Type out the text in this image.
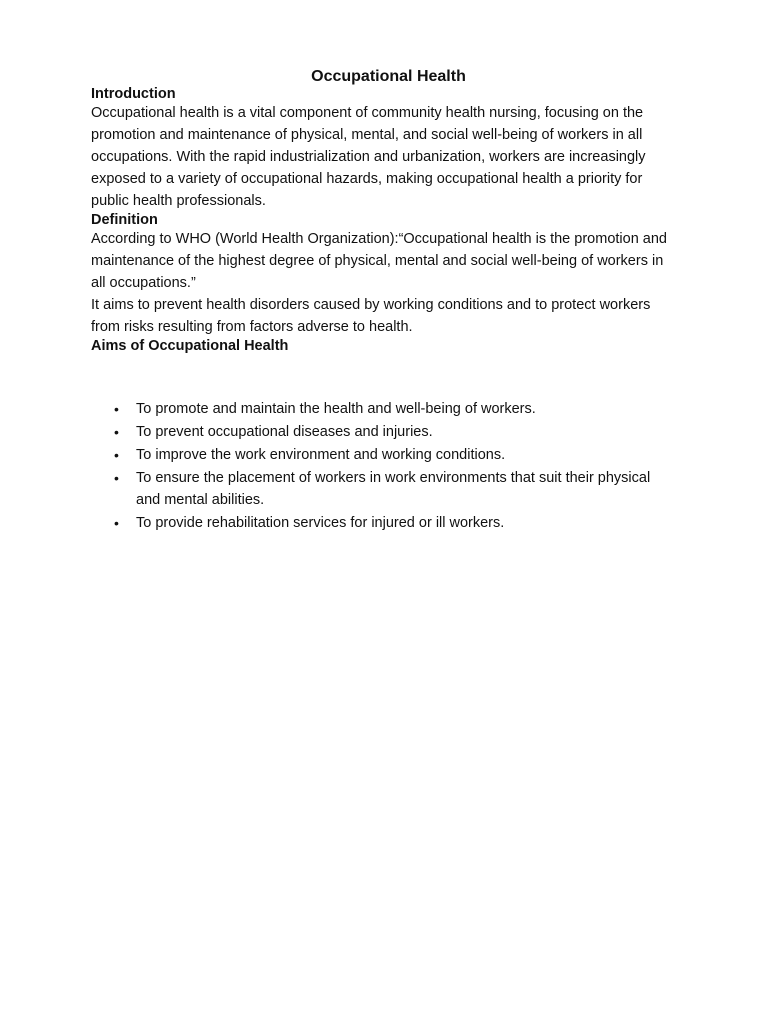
Occupational Health
Introduction

Occupational health is a vital component of community health nursing, focusing on the promotion and maintenance of physical, mental, and social well-being of workers in all occupations. With the rapid industrialization and urbanization, workers are increasingly exposed to a variety of occupational hazards, making occupational health a priority for public health professionals.

Definition

According to WHO (World Health Organization):“Occupational health is the promotion and maintenance of the highest degree of physical, mental and social well-being of workers in all occupations.”

It aims to prevent health disorders caused by working conditions and to protect workers from risks resulting from factors adverse to health.

Aims of Occupational Health
• To promote and maintain the health and well-being of workers.
• To prevent occupational diseases and injuries.
• To improve the work environment and working conditions.
• To ensure the placement of workers in work environments that suit their physical and mental abilities.
• To provide rehabilitation services for injured or ill workers.
